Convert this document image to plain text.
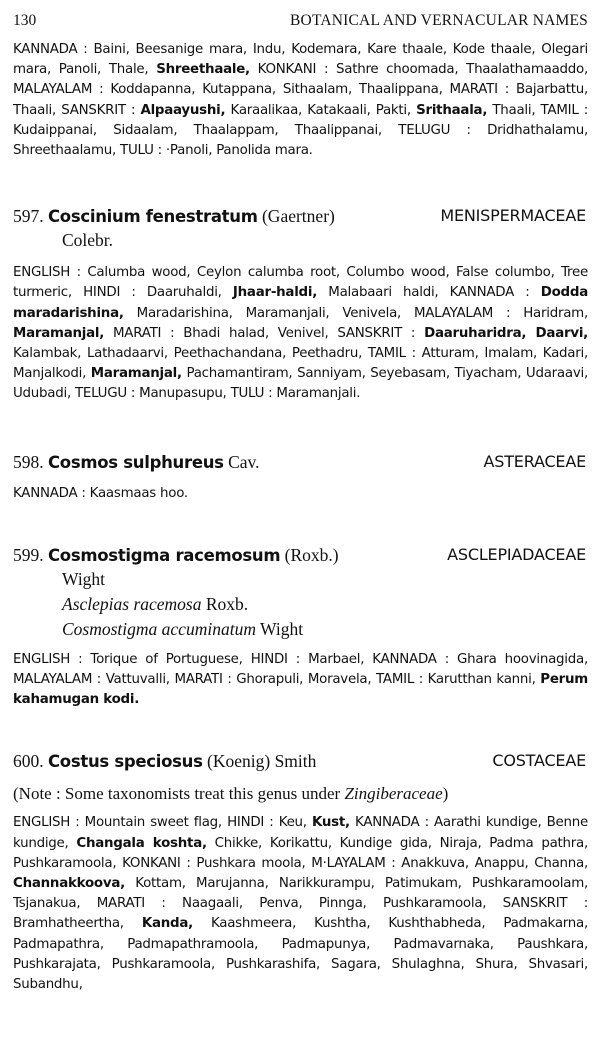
130	BOTANICAL AND VERNACULAR NAMES

KANNADA : Baini, Beesanige mara, Indu, Kodemara, Kare thaale, Kode thaale, Olegari mara, Panoli, Thale, Shreethaale, KONKANI : Sathre choomada, Thaalathamaaddo, MALAYALAM : Koddapanna, Kutappana, Sithaalam, Thaalippana, MARATI : Bajarbattu, Thaali, SANSKRIT : Alpaayushi, Karaalikaa, Katakaali, Pakti, Srithaala, Thaali, TAMIL : Kudaippanai, Sidaalam, Thaalappam, Thaalippanai, TELUGU : Dridhathalamu, Shreethaalamu, TULU : ·Panoli, Panolida mara.

597. Coscinium fenestratum (Gaertner)	MENISPERMACEAE
Colebr.

ENGLISH : Calumba wood, Ceylon calumba root, Columbo wood, False columbo, Tree turmeric, HINDI : Daaruhaldi, Jhaar-haldi, Malabaari haldi, KANNADA : Dodda maradarishina, Maradarishina, Maramanjali, Venivela, MALAYALAM : Haridram, Maramanjal, MARATI : Bhadi halad, Venivel, SANSKRIT : Daaruharidra, Daarvi, Kalambak, Lathadaarvi, Peethachandana, Peethadru, TAMIL : Atturam, Imalam, Kadari, Manjalkodi, Maramanjal, Pachamantiram, Sanniyam, Seyebasam, Tiyacham, Udaraavi, Udubadi, TELUGU : Manupasupu, TULU : Maramanjali.

598. Cosmos sulphureus Cav.	ASTERACEAE

KANNADA : Kaasmaas hoo.

599. Cosmostigma racemosum (Roxb.)	ASCLEPIADACEAE
Wight
Asclepias racemosa Roxb.
Cosmostigma accuminatum Wight

ENGLISH : Torique of Portuguese, HINDI : Marbael, KANNADA : Ghara hoovinagida, MALAYALAM : Vattuvalli, MARATI : Ghorapuli, Moravela, TAMIL : Karutthan kanni, Perum kahamugan kodi.

600. Costus speciosus (Koenig) Smith	COSTACEAE
(Note : Some taxonomists treat this genus under Zingiberaceae)

ENGLISH : Mountain sweet flag, HINDI : Keu, Kust, KANNADA : Aarathi kundige, Benne kundige, Changala koshta, Chikke, Korikattu, Kundige gida, Niraja, Padma pathra, Pushkaramoola, KONKANI : Pushkara moola, M·LAYALAM : Anakkuva, Anappu, Channa, Channakkoova, Kottam, Marujanna, Narikkurampu, Patimukam, Pushkaramoolam, Tsjanakua, MARATI : Naagaali, Penva, Pinnga, Pushkaramoola, SANSKRIT : Bramhatheertha, Kanda, Kaashmeera, Kushtha, Kushthabheda, Padmakarna, Padmapathra, Padmapathramoola, Padmapunya, Padmavarnaka, Paushkara, Pushkarajata, Pushkaramoola, Pushkarashifa, Sagara, Shulaghna, Shura, Shvasari, Subandhu,
